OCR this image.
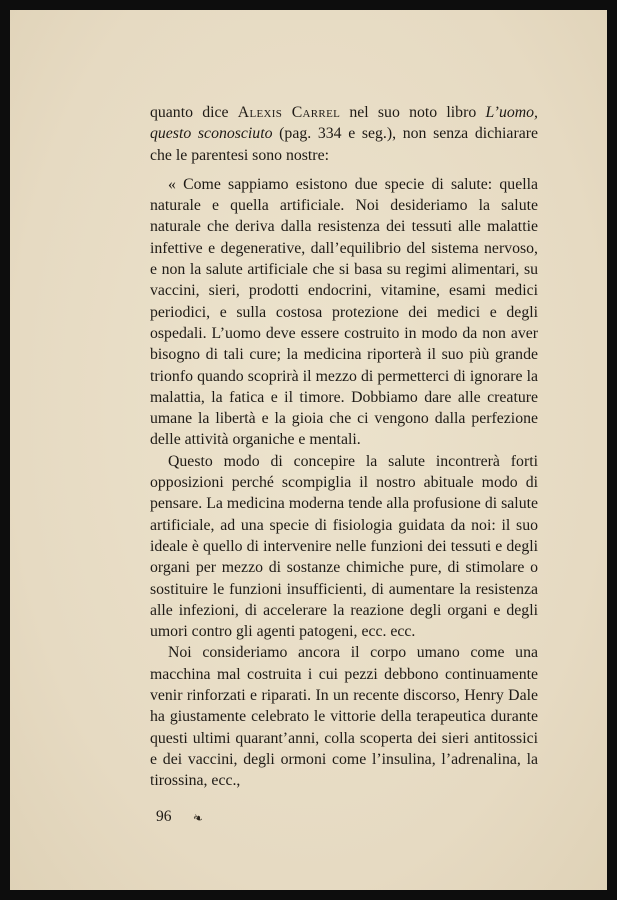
quanto dice Alexis Carrel nel suo noto libro L’uomo, questo sconosciuto (pag. 334 e seg.), non senza dichiarare che le parentesi sono nostre:

« Come sappiamo esistono due specie di salute: quella naturale e quella artificiale. Noi desideriamo la salute naturale che deriva dalla resistenza dei tessuti alle malattie infettive e degenerative, dall’equilibrio del sistema nervoso, e non la salute artificiale che si basa su regimi alimentari, su vaccini, sieri, prodotti endocrini, vitamine, esami medici periodici, e sulla costosa protezione dei medici e degli ospedali. L’uomo deve essere costruito in modo da non aver bisogno di tali cure; la medicina riporterà il suo più grande trionfo quando scoprirà il mezzo di permetterci di ignorare la malattia, la fatica e il timore. Dobbiamo dare alle creature umane la libertà e la gioia che ci vengono dalla perfezione delle attività organiche e mentali.

Questo modo di concepire la salute incontrerà forti opposizioni perché scompiglia il nostro abituale modo di pensare. La medicina moderna tende alla profusione di salute artificiale, ad una specie di fisiologia guidata da noi: il suo ideale è quello di intervenire nelle funzioni dei tessuti e degli organi per mezzo di sostanze chimiche pure, di stimolare o sostituire le funzioni insufficienti, di aumentare la resistenza alle infezioni, di accelerare la reazione degli organi e degli umori contro gli agenti patogeni, ecc. ecc.

Noi consideriamo ancora il corpo umano come una macchina mal costruita i cui pezzi debbono continuamente venir rinforzati e riparati. In un recente discorso, Henry Dale ha giustamente celebrato le vittorie della terapeutica durante questi ultimi quarant’anni, colla scoperta dei sieri antitossici e dei vaccini, degli ormoni come l’insulina, l’adrenalina, la tirossina, ecc.,

96 ❧
